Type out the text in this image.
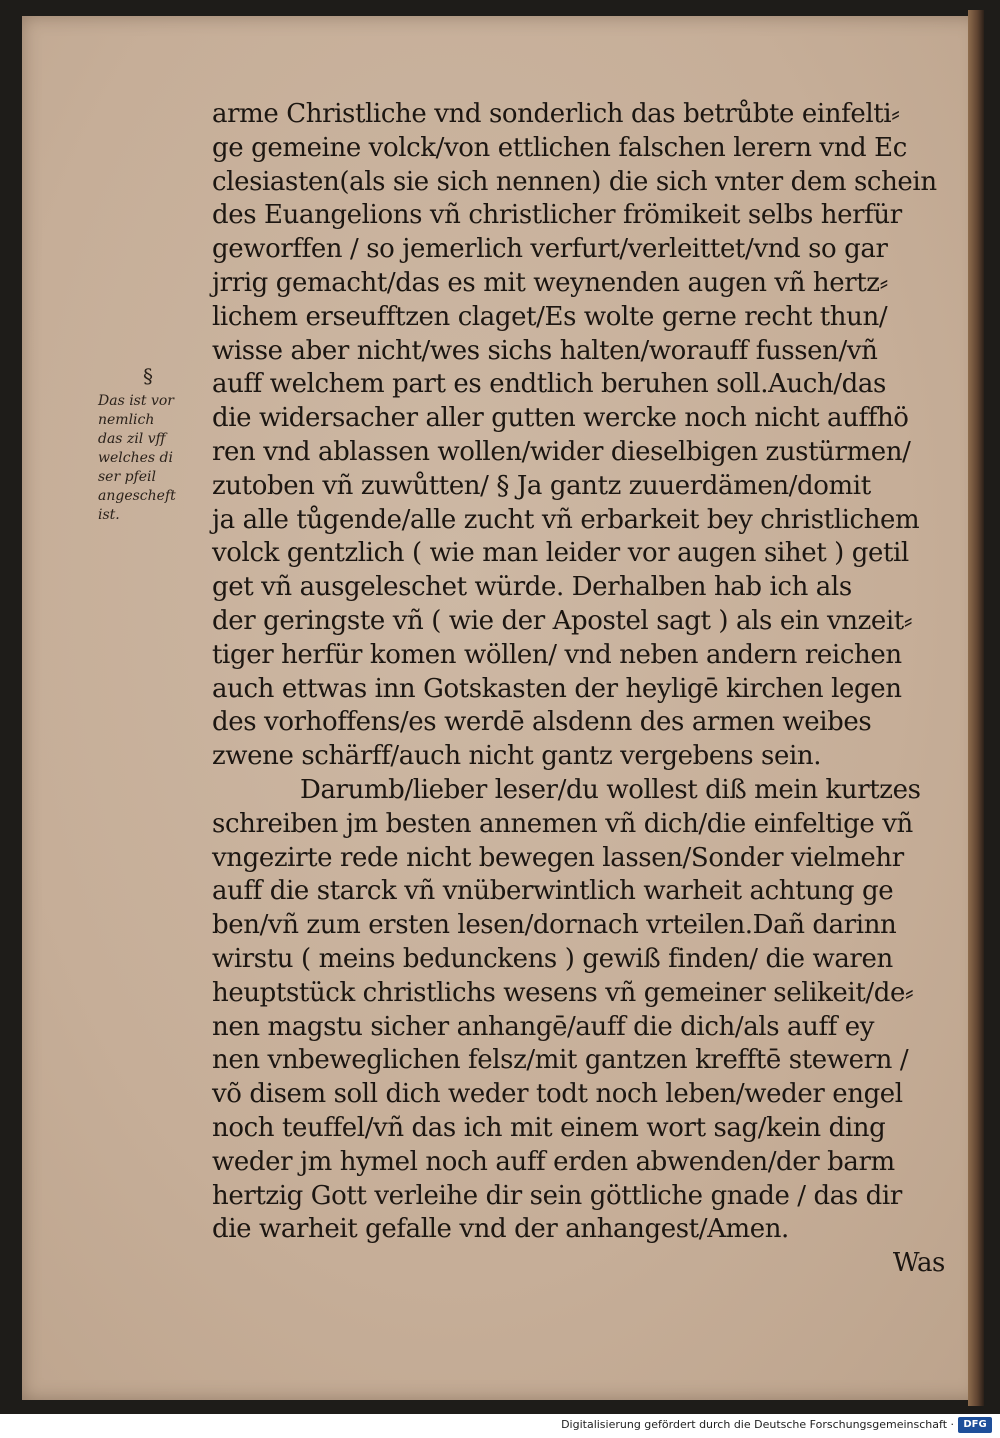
§
Das ist vor
nemlich
das zil vff
welches di
ser pfeil
angescheft
ist.
arme Christliche vnd sonderlich das betrůbte einfelti⸗
ge gemeine volck/von ettlichen falschen lerern vnd Ec
clesiasten(als sie sich nennen) die sich vnter dem schein
des Euangelions vñ christlicher frömikeit selbs herfür
geworffen / so jemerlich verfurt/verleittet/vnd so gar
jrrig gemacht/das es mit weynenden augen vñ hertz⸗
lichem erseufftzen claget/Es wolte gerne recht thun/
wisse aber nicht/wes sichs halten/worauff fussen/vñ
auff welchem part es endtlich beruhen soll.Auch/das
die widersacher aller gutten wercke noch nicht auffhö
ren vnd ablassen wollen/wider dieselbigen zustürmen/
zutoben vñ zuwůtten/ § Ja gantz zuuerdämen/domit
ja alle tůgende/alle zucht vñ erbarkeit bey christlichem
volck gentzlich ( wie man leider vor augen sihet ) getil
get vñ ausgeleschet würde. Derhalben hab ich als
der geringste vñ ( wie der Apostel sagt ) als ein vnzeit⸗
tiger herfür komen wöllen/ vnd neben andern reichen
auch ettwas inn Gotskasten der heyligē kirchen legen
des vorhoffens/es werdē alsdenn des armen weibes
zwene schärff/auch nicht gantz vergebens sein.
Darumb/lieber leser/du wollest diß mein kurtzes
schreiben jm besten annemen vñ dich/die einfeltige vñ
vngezirte rede nicht bewegen lassen/Sonder vielmehr
auff die starck vñ vnüberwintlich warheit achtung ge
ben/vñ zum ersten lesen/dornach vrteilen.Dañ darinn
wirstu ( meins bedunckens ) gewiß finden/ die waren
heuptstück christlichs wesens vñ gemeiner selikeit/de⸗
nen magstu sicher anhangē/auff die dich/als auff ey
nen vnbeweglichen felsz/mit gantzen krefftē stewern /
võ disem soll dich weder todt noch leben/weder engel
noch teuffel/vñ das ich mit einem wort sag/kein ding
weder jm hymel noch auff erden abwenden/der barm
hertzig Gott verleihe dir sein göttliche gnade / das dir
die warheit gefalle vnd der anhangest/Amen.
Was
Digitalisierung gefördert durch die Deutsche Forschungsgemeinschaft · DFG
